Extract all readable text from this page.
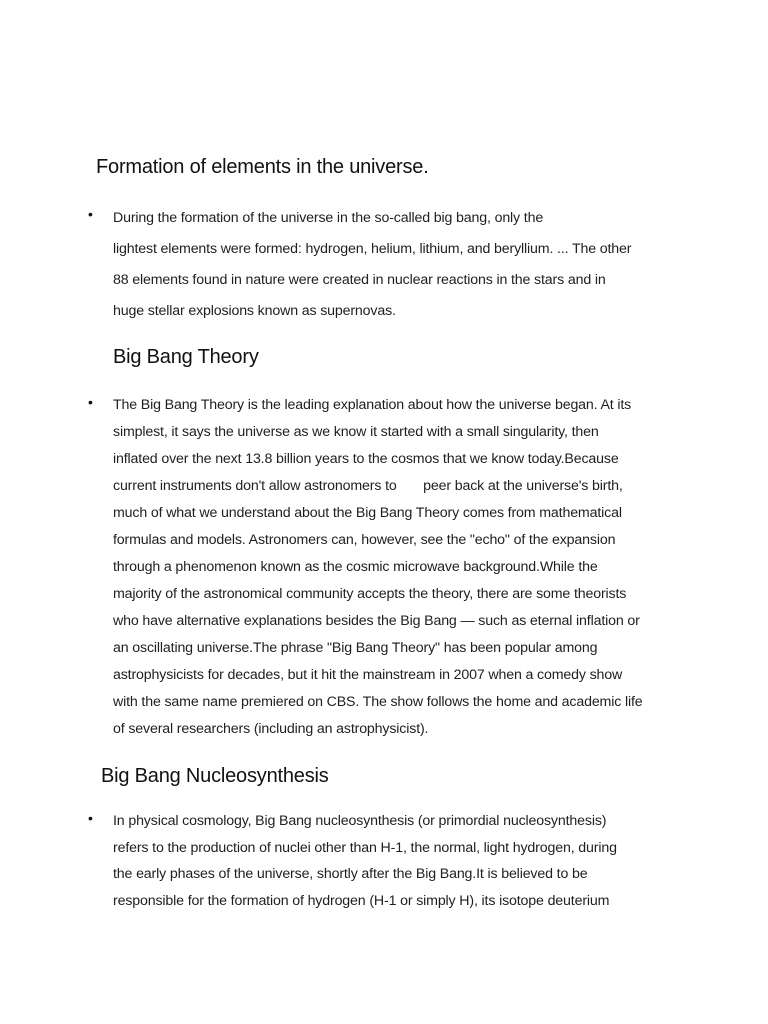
Formation of elements in the universe.
• During the formation of the universe in the so-called big bang, only the
lightest elements were formed: hydrogen, helium, lithium, and beryllium. ... The other
88 elements found in nature were created in nuclear reactions in the stars and in
huge stellar explosions known as supernovas.
Big Bang Theory
• The Big Bang Theory is the leading explanation about how the universe began. At its
simplest, it says the universe as we know it started with a small singularity, then
inflated over the next 13.8 billion years to the cosmos that we know today.Because
current instruments don't allow astronomers to       peer back at the universe's birth,
much of what we understand about the Big Bang Theory comes from mathematical
formulas and models. Astronomers can, however, see the "echo" of the expansion
through a phenomenon known as the cosmic microwave background.While the
majority of the astronomical community accepts the theory, there are some theorists
who have alternative explanations besides the Big Bang — such as eternal inflation or
an oscillating universe.The phrase "Big Bang Theory" has been popular among
astrophysicists for decades, but it hit the mainstream in 2007 when a comedy show
with the same name premiered on CBS. The show follows the home and academic life
of several researchers (including an astrophysicist).
Big Bang Nucleosynthesis
• In physical cosmology, Big Bang nucleosynthesis (or primordial nucleosynthesis)
refers to the production of nuclei other than H-1, the normal, light hydrogen, during
the early phases of the universe, shortly after the Big Bang.It is believed to be
responsible for the formation of hydrogen (H-1 or simply H), its isotope deuterium
